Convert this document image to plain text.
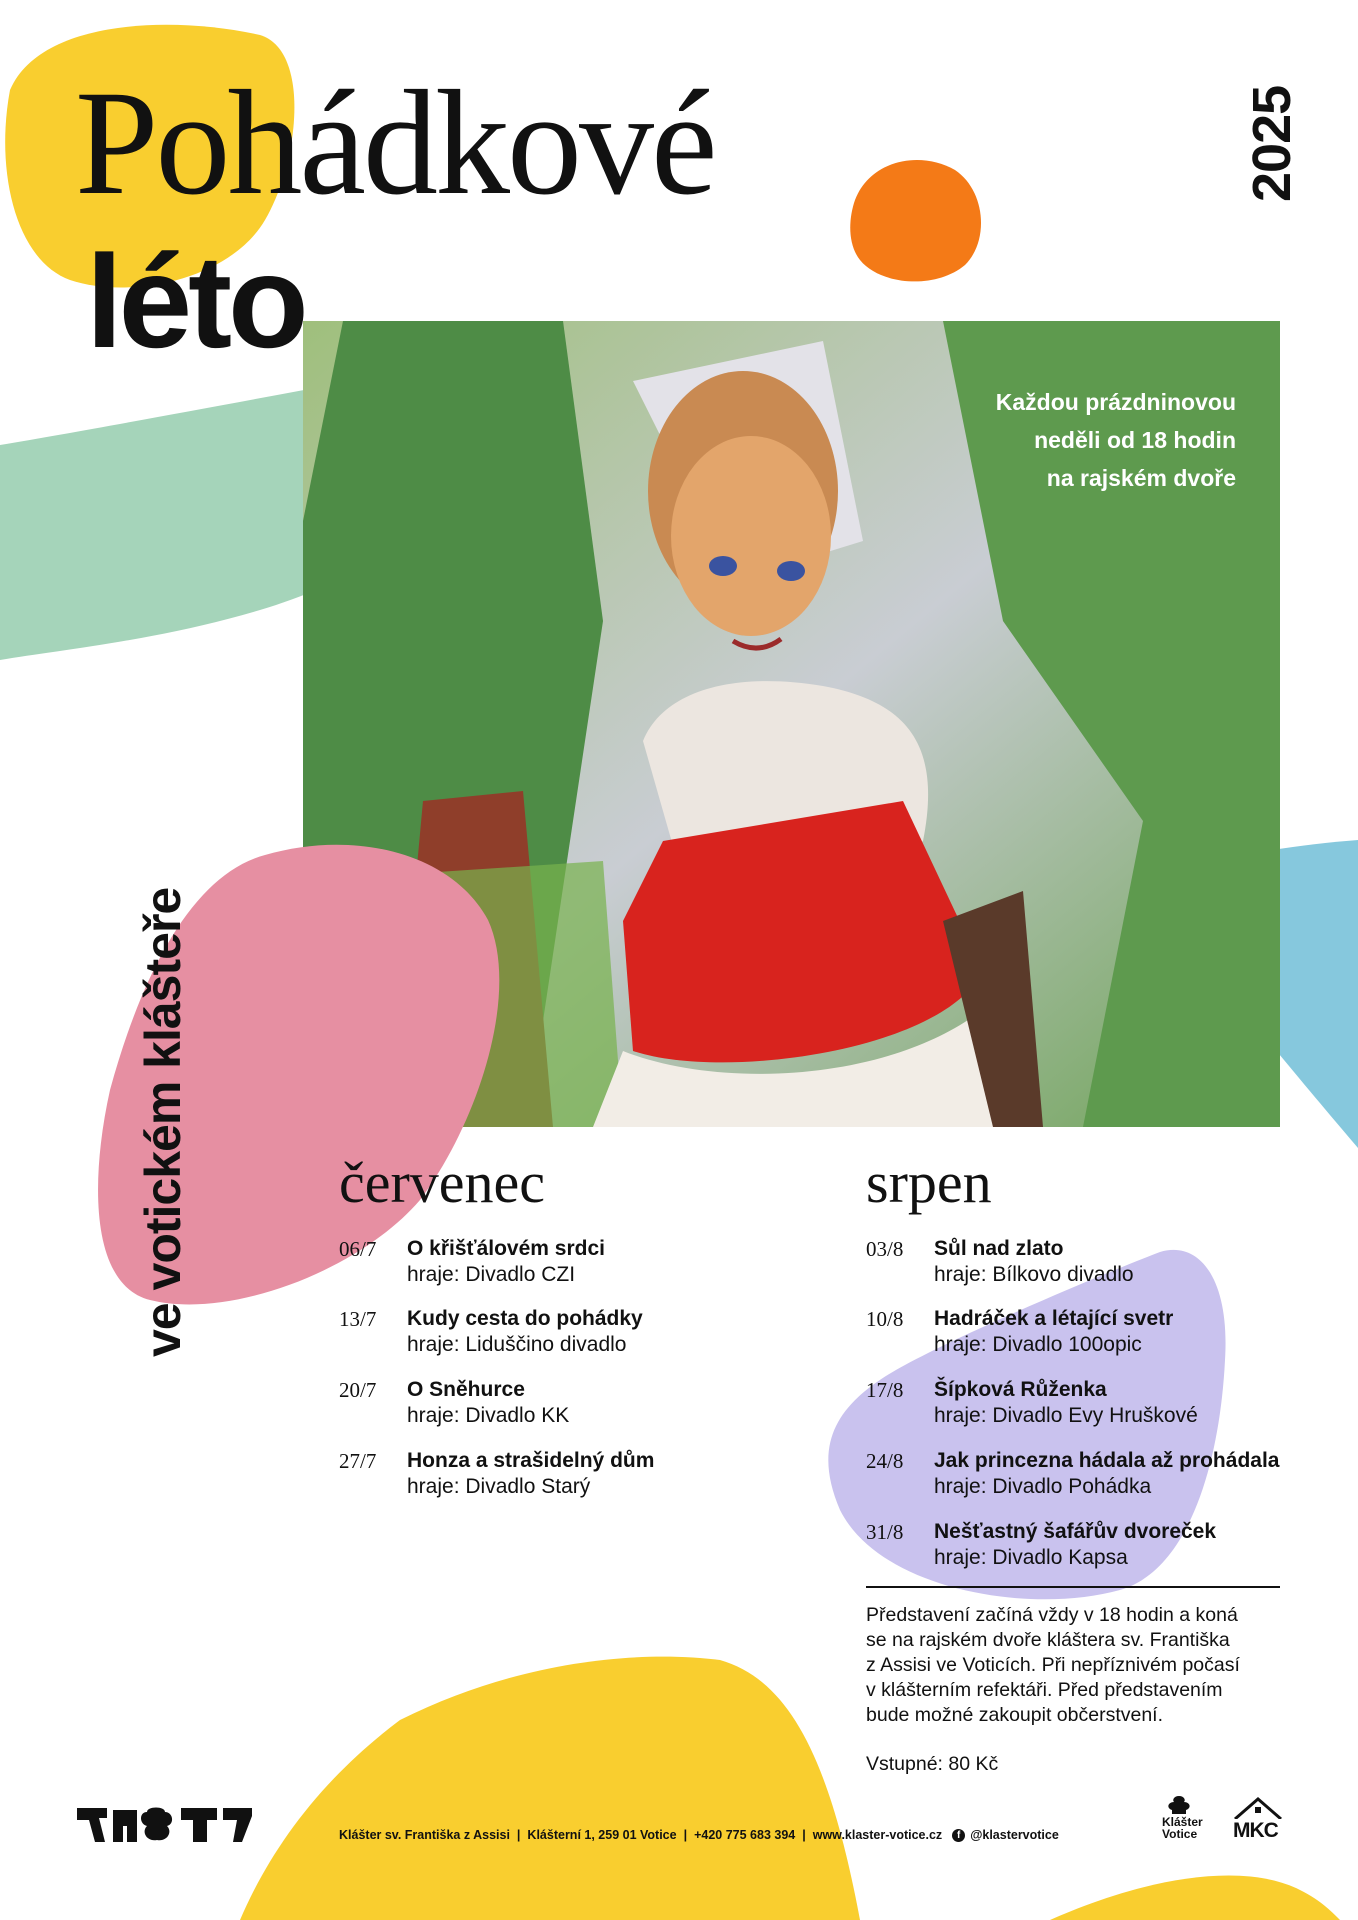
Pohádkové
léto
2025
ve votickém klášteře
Každou prázdninovou
neděli od 18 hodin
na rajském dvoře
červenec
06/7 O křišťálovém srdci
hraje: Divadlo CZI
13/7 Kudy cesta do pohádky
hraje: Liduščino divadlo
20/7 O Sněhurce
hraje: Divadlo KK
27/7 Honza a strašidelný dům
hraje: Divadlo Starý
srpen
03/8 Sůl nad zlato
hraje: Bílkovo divadlo
10/8 Hadráček a létající svetr
hraje: Divadlo 100opic
17/8 Šípková Růženka
hraje: Divadlo Evy Hruškové
24/8 Jak princezna hádala až prohádala
hraje: Divadlo Pohádka
31/8 Nešťastný šafářův dvoreček
hraje: Divadlo Kapsa
Představení začíná vždy v 18 hodin a koná
se na rajském dvoře kláštera sv. Františka
z Assisi ve Voticích. Při nepříznivém počasí
v klášterním refektáři. Před představením
bude možné zakoupit občerstvení.
Vstupné: 80 Kč
Klášter sv. Františka z Assisi | Klášterní 1, 259 01 Votice | +420 775 683 394 | www.klaster-votice.cz	f @klastervotice
Klášter
Votice MKC
